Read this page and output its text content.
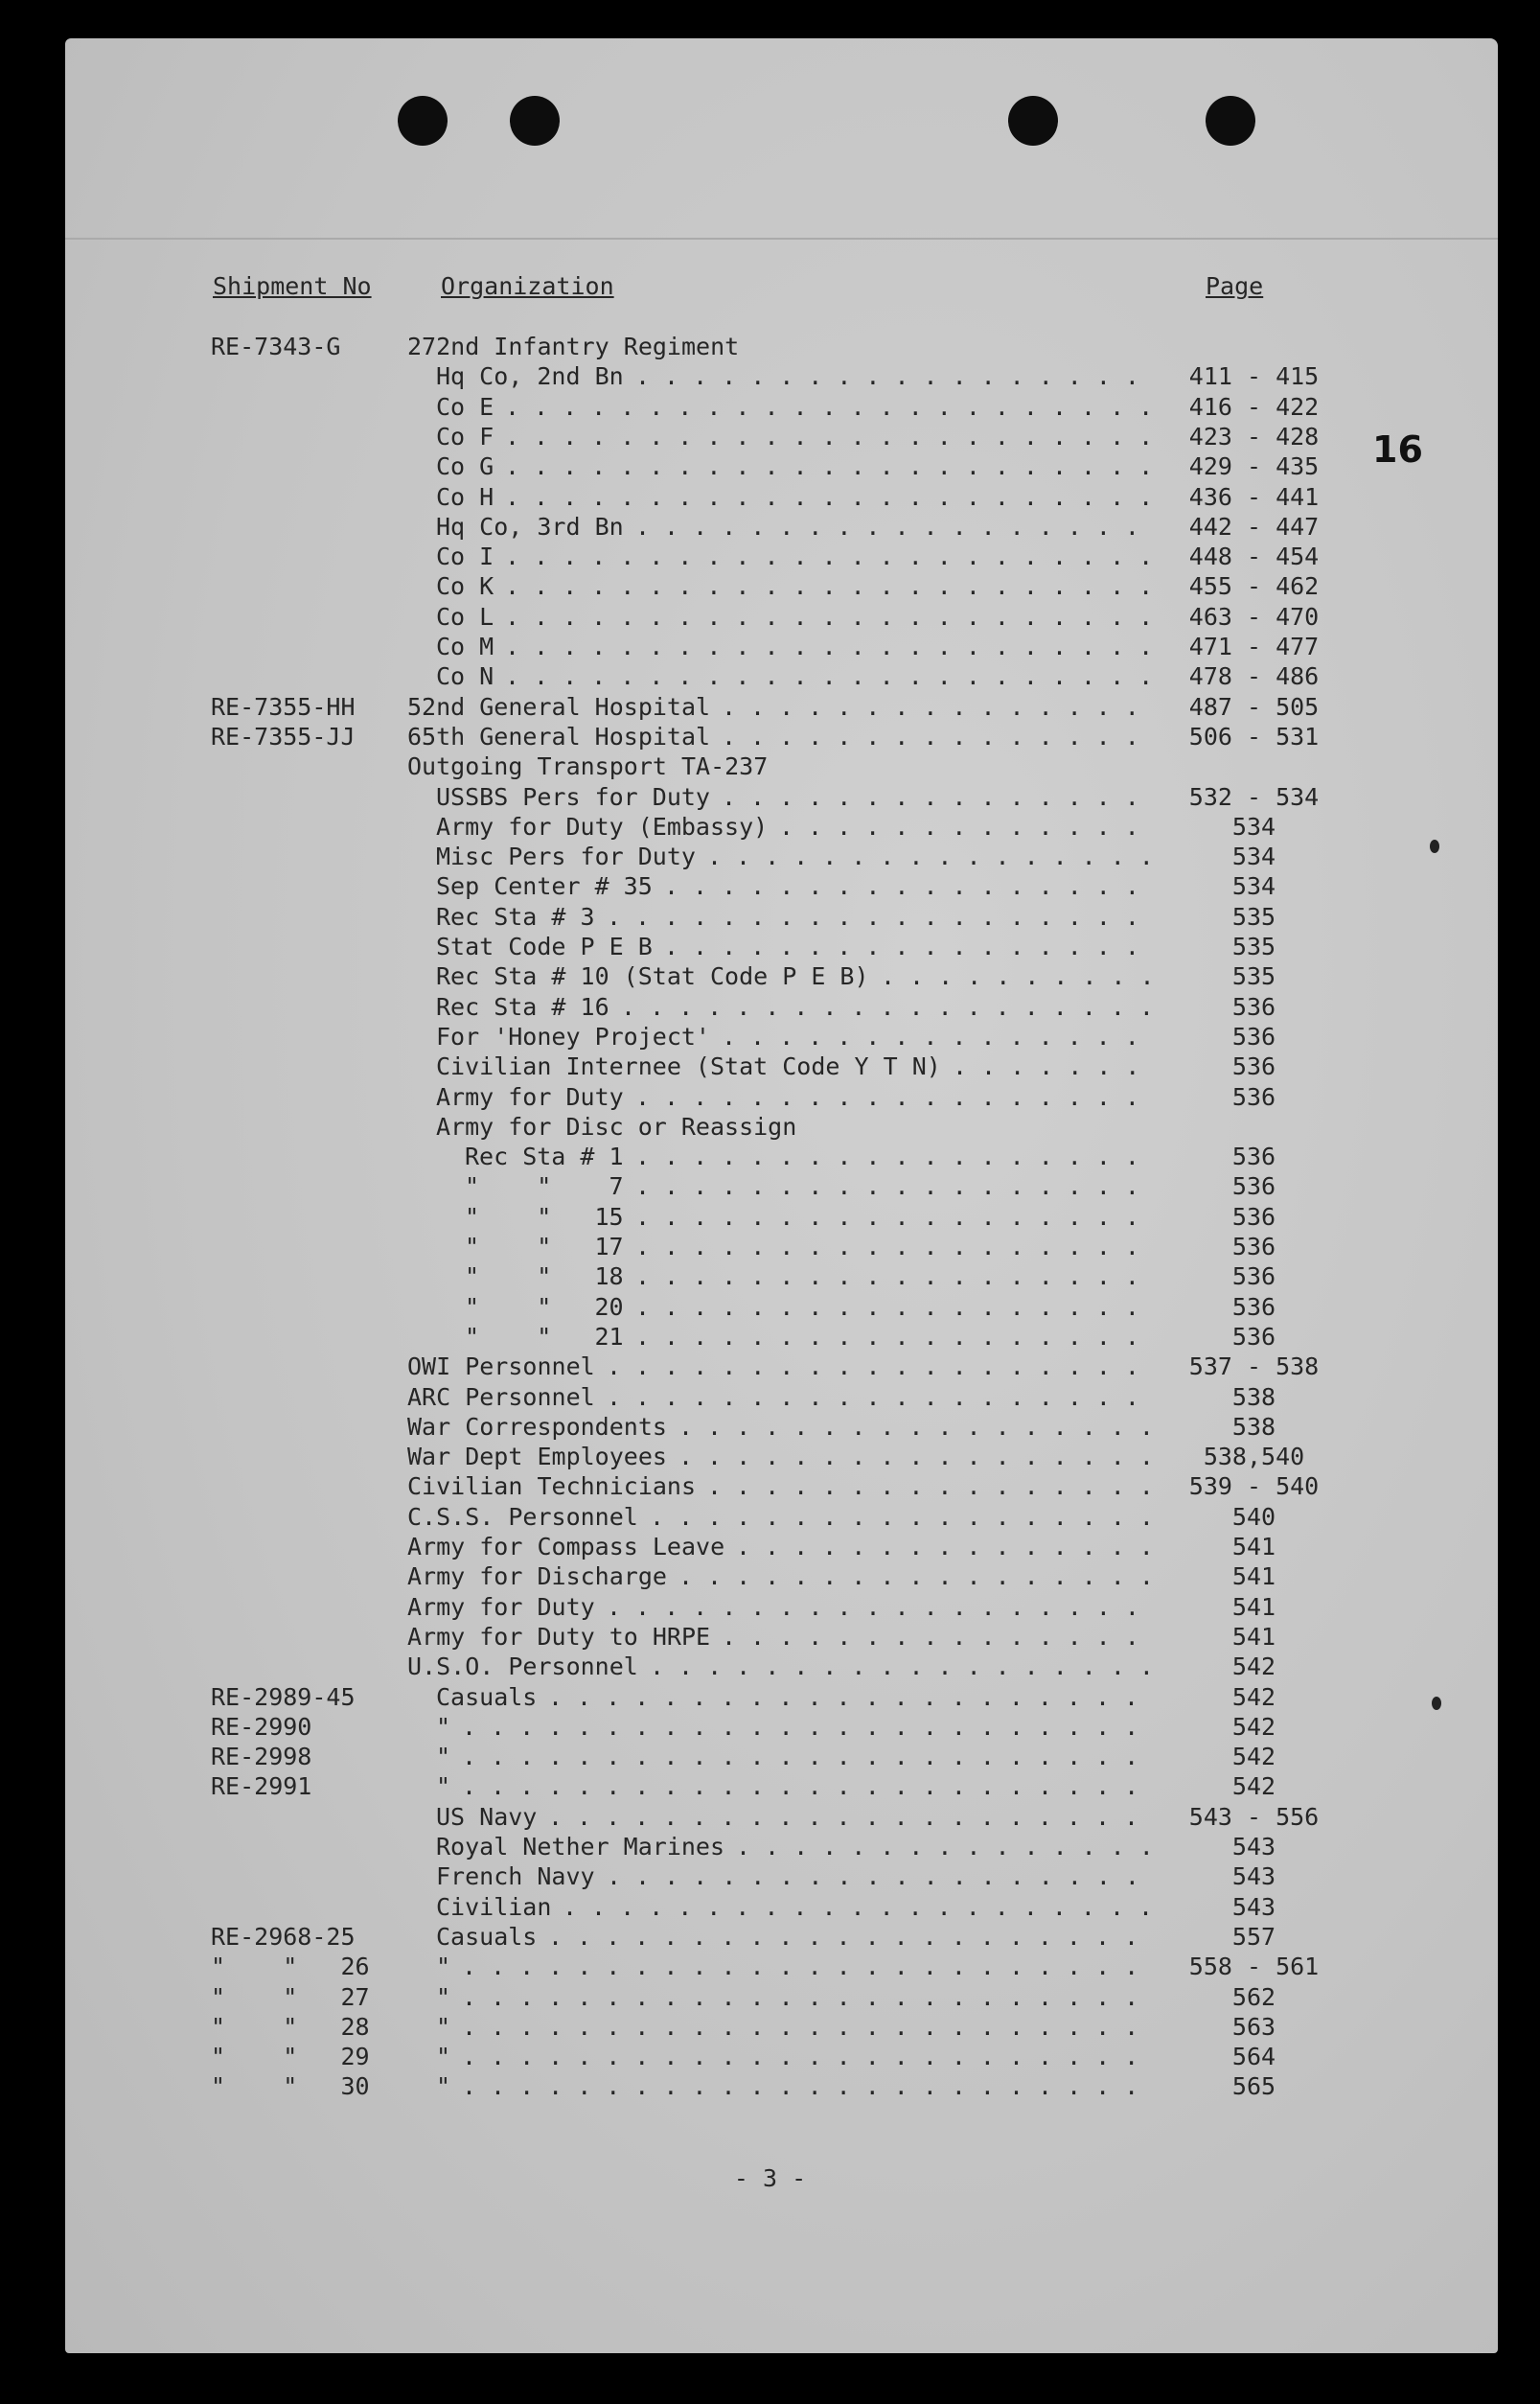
Shipment No	Organization	Page
16
RE-7343-G	272nd Infantry Regiment
Hq Co, 2nd Bn .................. 411 - 415
Co E ....................... 416 - 422
Co F ....................... 423 - 428
Co G ....................... 429 - 435
Co H ....................... 436 - 441
Hq Co, 3rd Bn .................. 442 - 447
Co I ....................... 448 - 454
Co K ....................... 455 - 462
Co L ....................... 463 - 470
Co M ....................... 471 - 477
Co N ....................... 478 - 486
RE-7355-HH 52nd General Hospital ............... 487 - 505
RE-7355-JJ 65th General Hospital ............... 506 - 531
Outgoing Transport TA-237
USSBS Pers for Duty ............... 532 - 534
Army for Duty (Embassy) .............	534
Misc Pers for Duty ................	534
Sep Center # 35 .................	534
Rec Sta # 3 ...................	535
Stat Code P E B .................	535
Rec Sta # 10 (Stat Code P E B) ..........	535
Rec Sta # 16 ...................	536
For 'Honey Project' ...............	536
Civilian Internee (Stat Code Y T N) .......	536
Army for Duty ..................	536
Army for Disc or Reassign
Rec Sta # 1 ..................	536
"    "    7 ..................	536
"    "   15 ..................	536
"    "   17 ..................	536
"    "   18 ..................	536
"    "   20 ..................	536
"    "   21 ..................	536
OWI Personnel ................... 537 - 538
ARC Personnel ...................	538
War Correspondents .................	538
War Dept Employees .................	538,540
Civilian Technicians ................ 539 - 540
C.S.S. Personnel ..................	540
Army for Compass Leave ...............	541
Army for Discharge .................	541
Army for Duty ...................	541
Army for Duty to HRPE ...............	541
U.S.O. Personnel ..................	542
RE-2989-45	Casuals .....................	542
RE-2990	" ........................	542
RE-2998	" ........................	542
RE-2991	" ........................	542
US Navy ..................... 543 - 556
Royal Nether Marines ...............	543
French Navy ...................	543
Civilian .....................	543
RE-2968-25	Casuals .....................	557
"    "   26	" ........................ 558 - 561
"    "   27	" ........................	562
"    "   28	" ........................	563
"    "   29	" ........................	564
"    "   30	" ........................	565
- 3 -
